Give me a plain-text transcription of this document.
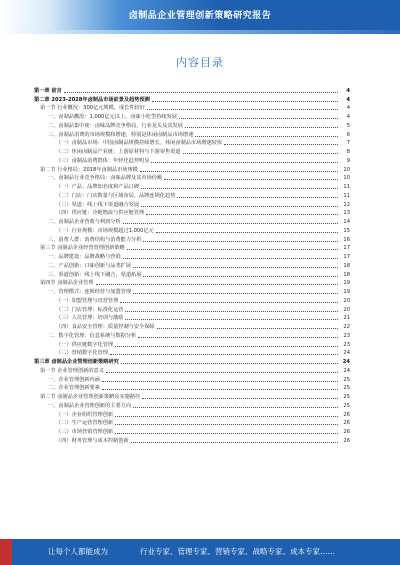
卤制品企业管理创新策略研究报告
内容目录
第一章 前言	4
第二章 2023-2028年卤制品市场前景及趋势预测	4
第一节 行业概况：300亿元规模，成长性较好	4
一、卤制品概况：1,000亿元以上，卤味小吃型持续发展	4
二、卤制品集中度：卤味品牌竞争格局，行业龙头及其发展	5
三、卤制品消费的市场规模和增速，特别是休闲卤制品市场增速	6
（一）卤制品市场：中国卤制品规模持续增长，休闲卤制品市场增速较快	7
（二）休闲卤制品产业链：上游原材料与下游零售渠道	8
（三）卤制品消费群体：年轻化趋势明显	9
第二节 行业格局：2018年卤制品市场规模	10
一、卤制品行业竞争格局：卤味品牌及其市场份额	10
（一）产品：品牌知名度和产品口碑	11
（二）门店：门店数量与区域布局，品牌连锁化趋势	11
（三）渠道：线上线下渠道融合发展	12
（四）供应链：冷链物流与供应链管理	13
二、卤制品企业营收与利润分析	14
（一）行业规模：市场规模超过1,000亿元	15
三、消费人群：消费结构与消费能力分析	16
第三节 卤制品企业经营管理创新策略	17
一、品牌建设：品牌战略与营销	17
二、产品创新：口味创新与品类扩展	18
三、渠道创新：线上线下融合，渠道拓展	18
第四节 卤制品企业管理	19
一、管理模式：连锁经营与加盟管理	19
（一）加盟管理与直营管理	20
（二）门店管理：标准化运营	20
（三）人员管理：培训与激励	21
（四）食品安全管理：质量控制与安全保障	22
二、数字化管理：信息系统与数据分析	23
（一）供应链数字化管理	23
（二）营销数字化管理	24
第三章 卤制品企业管理创新策略研究	24
第一节 企业管理创新的意义	24
一、企业管理创新内涵	25
二、企业管理创新要素	25
第二节 卤制品企业管理创新策略及实施路径	25
一、卤制品企业管理创新的主要方向	25
（一）企业组织管理创新	26
（二）生产运营管理创新	26
（三）市场营销管理创新	26
（四）财务管理与成本控制创新	26
让每个人都能成为	行业专家、管理专家、营销专家、战略专家、成本专家……
